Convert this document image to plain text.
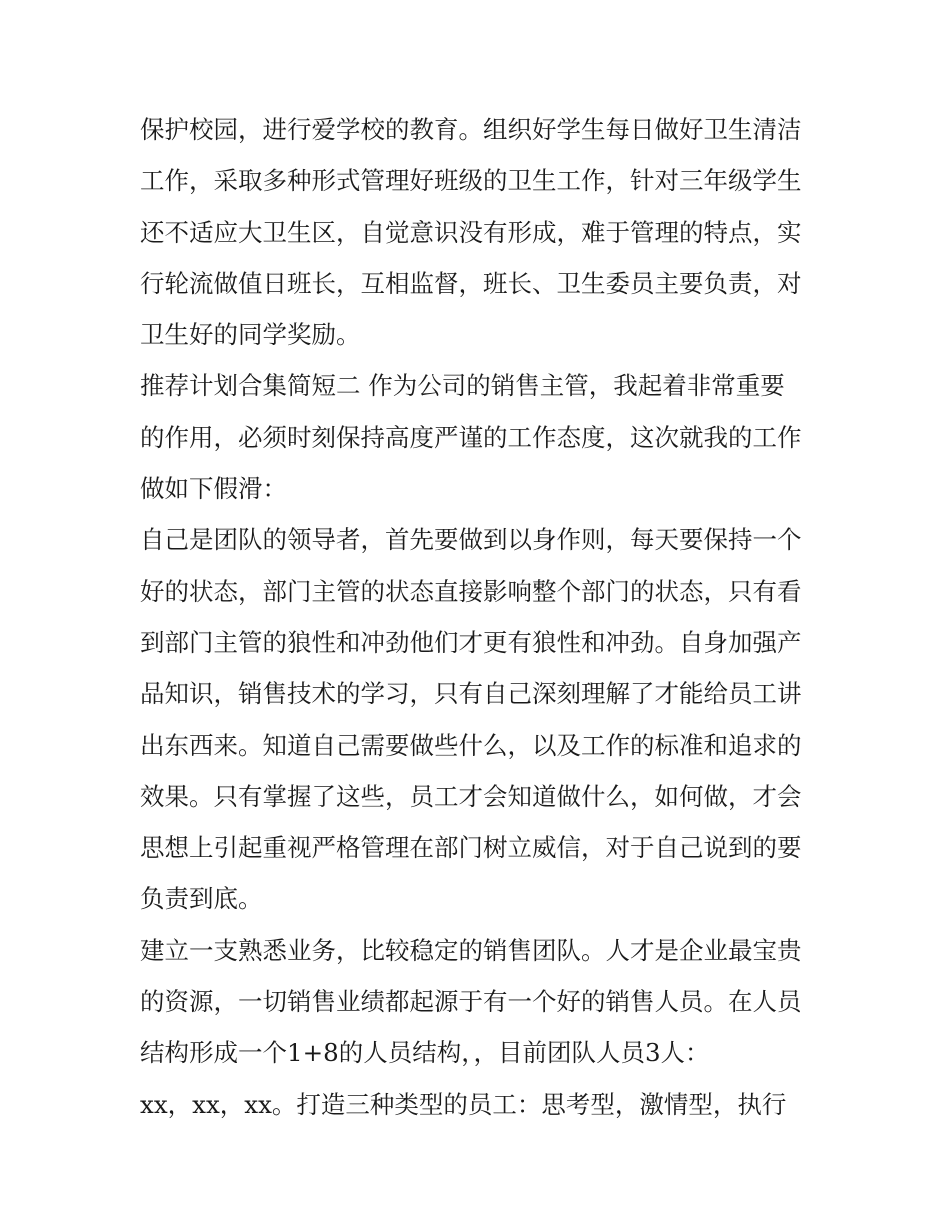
保护校园，进行爱学校的教育。组织好学生每日做好卫生清洁
工作，采取多种形式管理好班级的卫生工作，针对三年级学生
还不适应大卫生区，自觉意识没有形成，难于管理的特点，实
行轮流做值日班长，互相监督，班长、卫生委员主要负责，对
卫生好的同学奖励。
推荐计划合集简短二 作为公司的销售主管，我起着非常重要
的作用，必须时刻保持高度严谨的工作态度，这次就我的工作
做如下假滑：
自己是团队的领导者，首先要做到以身作则，每天要保持一个
好的状态，部门主管的状态直接影响整个部门的状态，只有看
到部门主管的狼性和冲劲他们才更有狼性和冲劲。自身加强产
品知识，销售技术的学习，只有自己深刻理解了才能给员工讲
出东西来。知道自己需要做些什么，以及工作的标准和追求的
效果。只有掌握了这些，员工才会知道做什么，如何做，才会
思想上引起重视严格管理在部门树立威信，对于自己说到的要
负责到底。
建立一支熟悉业务，比较稳定的销售团队。人才是企业最宝贵
的资源，一切销售业绩都起源于有一个好的销售人员。在人员
结构形成一个1+8的人员结构，，目前团队人员3人：
xx，xx，xx。打造三种类型的员工：思考型，激情型，执行
